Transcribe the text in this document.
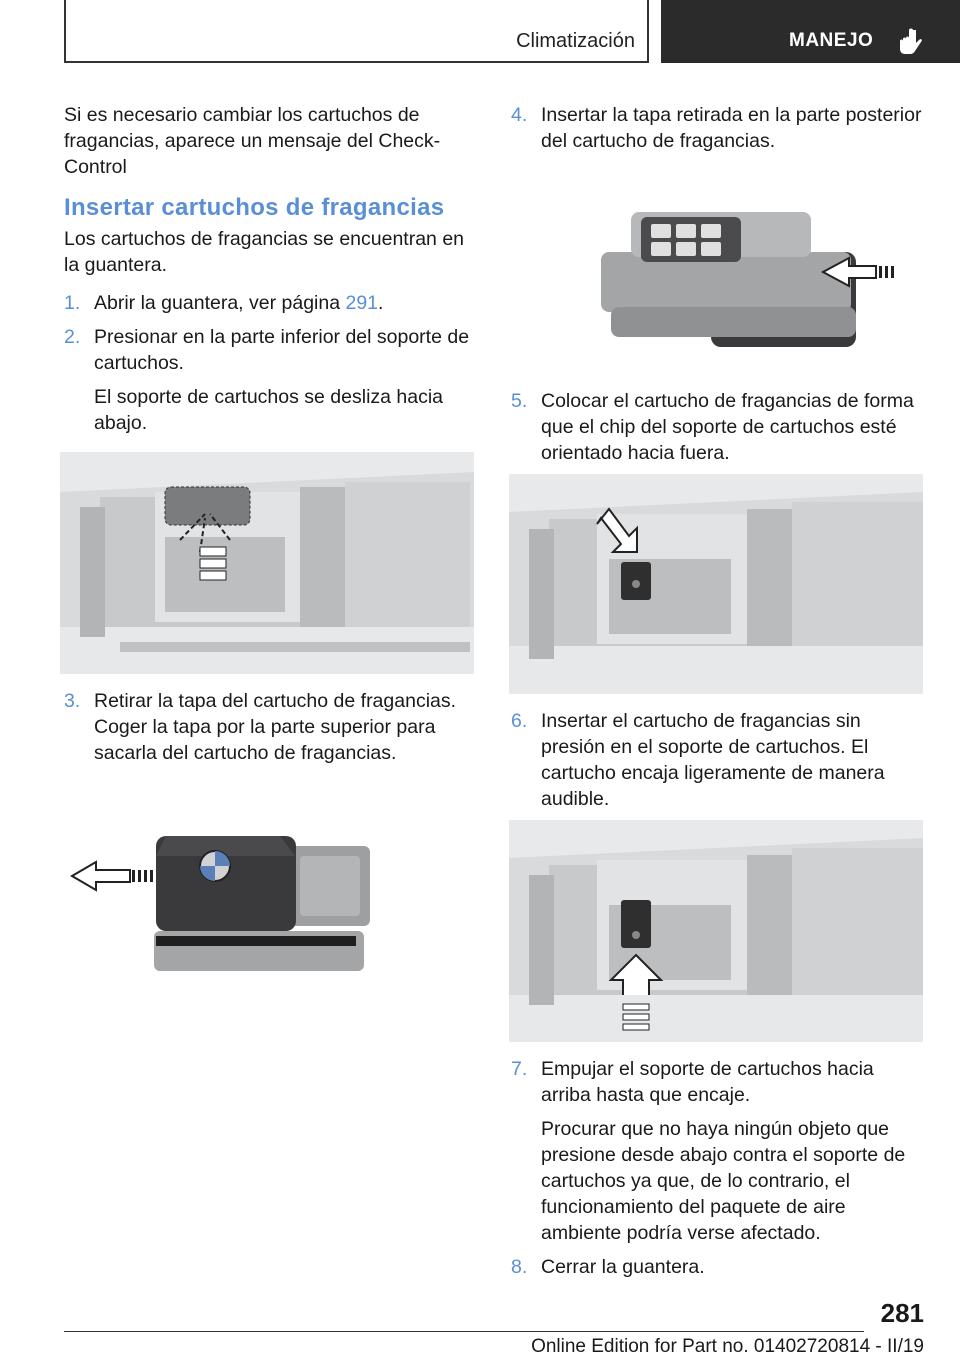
Climatización	MANEJO

Si es necesario cambiar los cartuchos de fragancias, aparece un mensaje del Check-Control

Insertar cartuchos de fragancias

Los cartuchos de fragancias se encuentran en la guantera.

1. Abrir la guantera, ver página 291.
2. Presionar en la parte inferior del soporte de cartuchos.

El soporte de cartuchos se desliza hacia abajo.

3. Retirar la tapa del cartucho de fragancias. Coger la tapa por la parte superior para sacarla del cartucho de fragancias.

4. Insertar la tapa retirada en la parte posterior del cartucho de fragancias.

5. Colocar el cartucho de fragancias de forma que el chip del soporte de cartuchos esté orientado hacia fuera.

6. Insertar el cartucho de fragancias sin presión en el soporte de cartuchos. El cartucho encaja ligeramente de manera audible.

7. Empujar el soporte de cartuchos hacia arriba hasta que encaje.

Procurar que no haya ningún objeto que presione desde abajo contra el soporte de cartuchos ya que, de lo contrario, el funcionamiento del paquete de aire ambiente podría verse afectado.

8. Cerrar la guantera.

281
Online Edition for Part no. 01402720814 - II/19
